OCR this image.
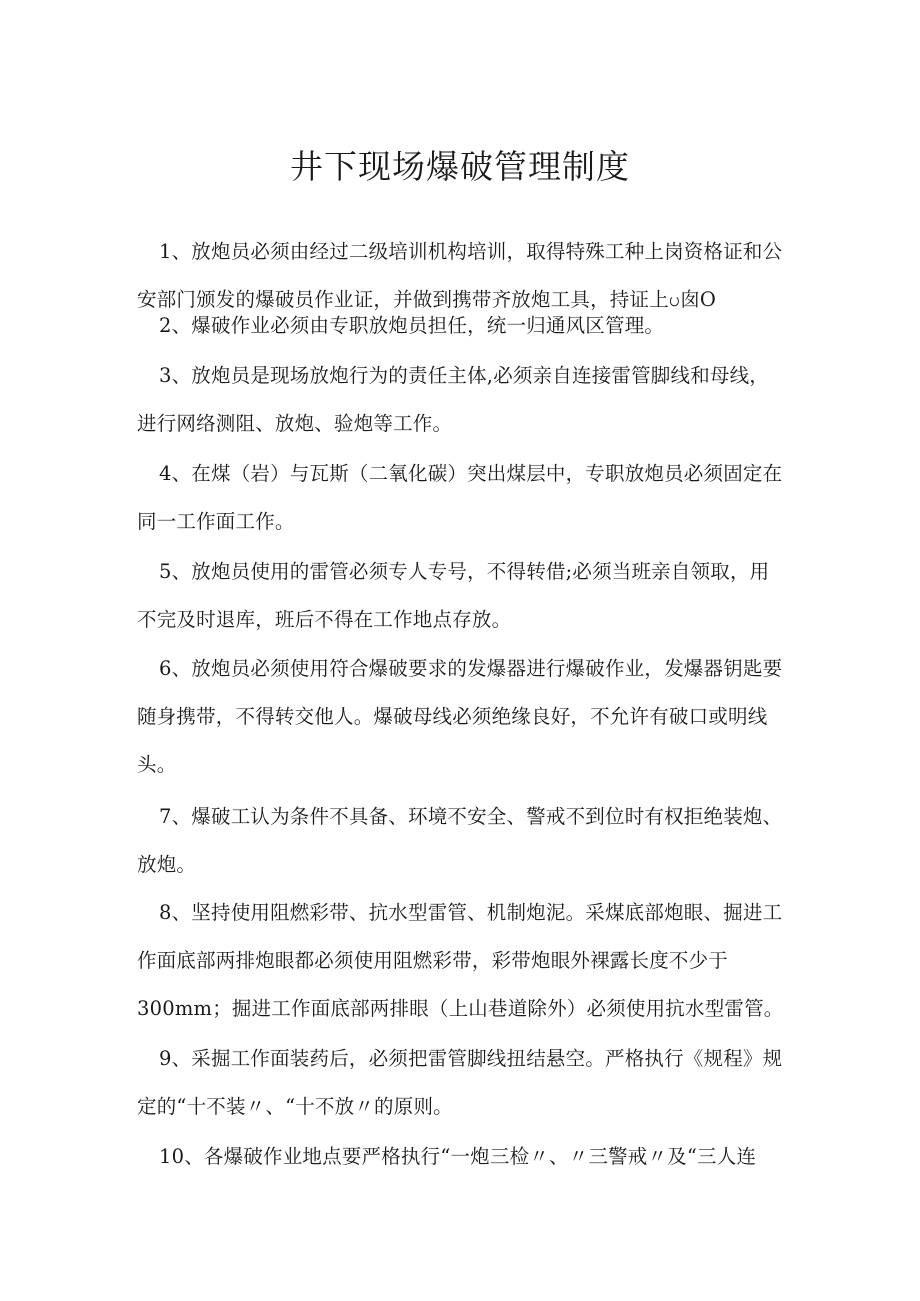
井下现场爆破管理制度

1、放炮员必须由经过二级培训机构培训，取得特殊工种上岗资格证和公安部门颁发的爆破员作业证，并做到携带齐放炮工具，持证上ပ囱O

2、爆破作业必须由专职放炮员担任，统一归通风区管理。

3、放炮员是现场放炮行为的责任主体,必须亲自连接雷管脚线和母线，进行网络测阻、放炮、验炮等工作。

4、在煤（岩）与瓦斯（二氧化碳）突出煤层中，专职放炮员必须固定在同一工作面工作。

5、放炮员使用的雷管必须专人专号，不得转借;必须当班亲自领取，用不完及时退库，班后不得在工作地点存放。

6、放炮员必须使用符合爆破要求的发爆器进行爆破作业，发爆器钥匙要随身携带，不得转交他人。爆破母线必须绝缘良好，不允许有破口或明线头。

7、爆破工认为条件不具备、环境不安全、警戒不到位时有权拒绝装炮、放炮。

8、坚持使用阻燃彩带、抗水型雷管、机制炮泥。采煤底部炮眼、掘进工作面底部两排炮眼都必须使用阻燃彩带，彩带炮眼外裸露长度不少于300mm；掘进工作面底部两排眼（上山巷道除外）必须使用抗水型雷管。

9、采掘工作面装药后，必须把雷管脚线扭结悬空。严格执行《规程》规定的“十不装〃、“十不放〃的原则。

10、各爆破作业地点要严格执行“一炮三检〃、〃三警戒〃及“三人连
